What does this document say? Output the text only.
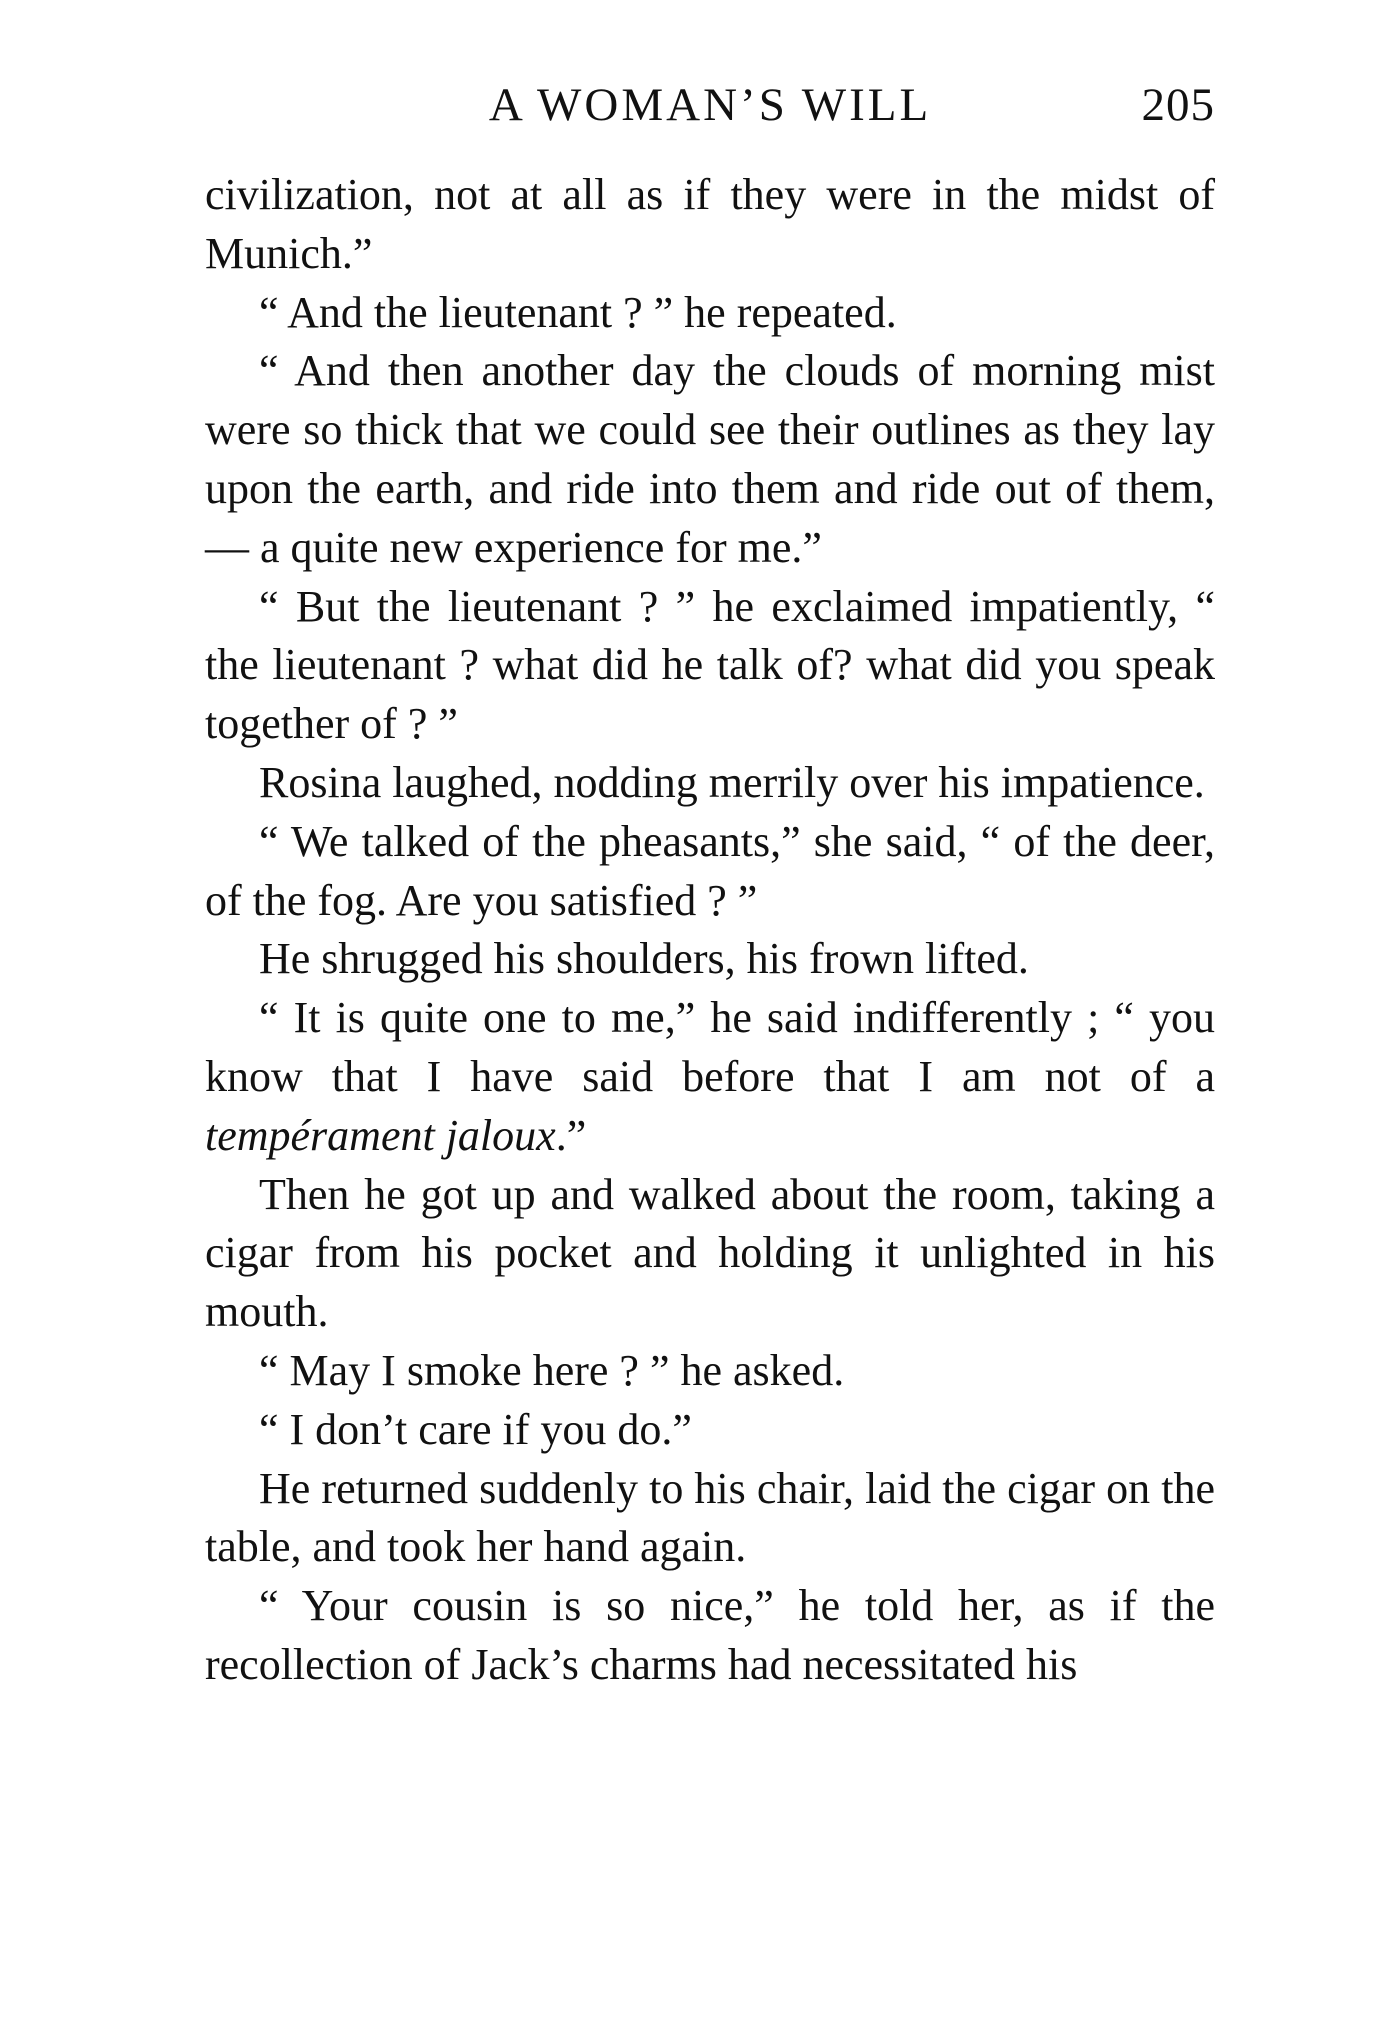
A WOMAN’S WILL	205

civilization, not at all as if they were in the midst of Munich.”

“ And the lieutenant ? ” he repeated.

“ And then another day the clouds of morning mist were so thick that we could see their outlines as they lay upon the earth, and ride into them and ride out of them, — a quite new experience for me.”

“ But the lieutenant ? ” he exclaimed impatiently, “ the lieutenant ? what did he talk of? what did you speak together of ? ”

Rosina laughed, nodding merrily over his impatience.

“ We talked of the pheasants,” she said, “ of the deer, of the fog. Are you satisfied ? ”

He shrugged his shoulders, his frown lifted.

“ It is quite one to me,” he said indifferently ; “ you know that I have said before that I am not of a tempérament jaloux.”

Then he got up and walked about the room, taking a cigar from his pocket and holding it unlighted in his mouth.

“ May I smoke here ? ” he asked.

“ I don’t care if you do.”

He returned suddenly to his chair, laid the cigar on the table, and took her hand again.

“ Your cousin is so nice,” he told her, as if the recollection of Jack’s charms had necessitated his
